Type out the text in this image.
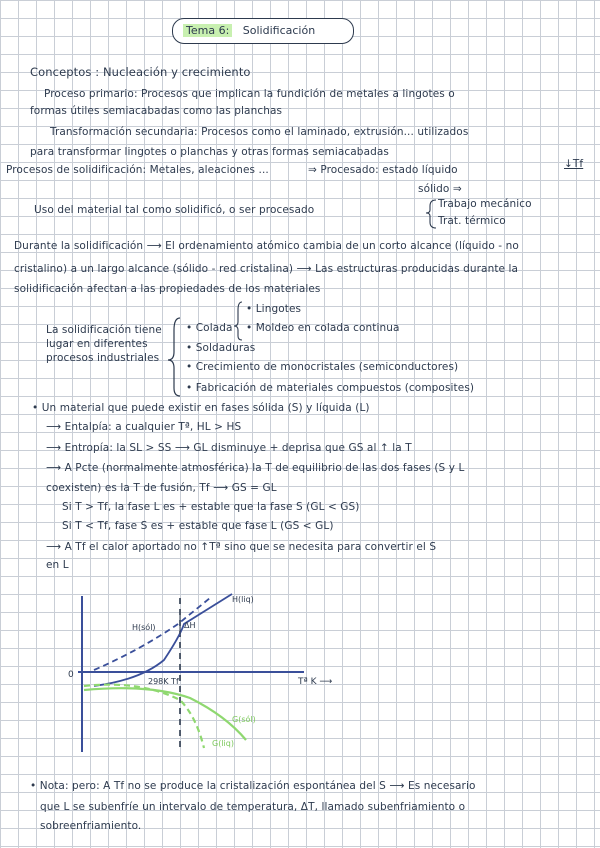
Tema 6: Solidificación
Conceptos : Nucleación y crecimiento
Proceso primario: Procesos que implican la fundición de metales a lingotes o
formas útiles semiacabadas como las planchas
Transformación secundaria: Procesos como el laminado, extrusión... utilizados
para transformar lingotes o planchas y otras formas semiacabadas
Procesos de solidificación: Metales, aleaciones ...	⇒ Procesado: estado líquido	↓Tf
sólido ⇒
Uso del material tal como solidificó, o ser procesado	Trabajo mecánico
Trat. térmico
Durante la solidificación ⟶ El ordenamiento atómico cambia de un corto alcance (líquido - no
cristalino) a un largo alcance (sólido - red cristalina) ⟶ Las estructuras producidas durante la
solidificación afectan a las propiedades de los materiales
La solidificación tiene
lugar en diferentes
procesos industriales
• Colada
• Lingotes
• Moldeo en colada continua
• Soldaduras
• Crecimiento de monocristales (semiconductores)
• Fabricación de materiales compuestos (composites)
• Un material que puede existir en fases sólida (S) y líquida (L)
⟶ Entalpía: a cualquier Tª, HL > HS
⟶ Entropía: la SL > SS ⟶ GL disminuye + deprisa que GS al ↑ la T
⟶ A Pcte (normalmente atmosférica) la T de equilibrio de las dos fases (S y L
coexisten) es la T de fusión, Tf ⟶ GS = GL
Si T > Tf, la fase L es + estable que la fase S (GL < GS)
Si T < Tf, fase S es + estable que fase L (GS < GL)
⟶ A Tf el calor aportado no ↑Tª sino que se necesita para convertir el S
en L
H(liq)
H(sól)	ΔH
0
Tª K ⟶
298K Tf
G(sól)
G(liq)
• Nota: pero: A Tf no se produce la cristalización espontánea del S ⟶ Es necesario
que L se subenfríe un intervalo de temperatura, ΔT, llamado subenfriamiento o
sobreenfriamiento.
